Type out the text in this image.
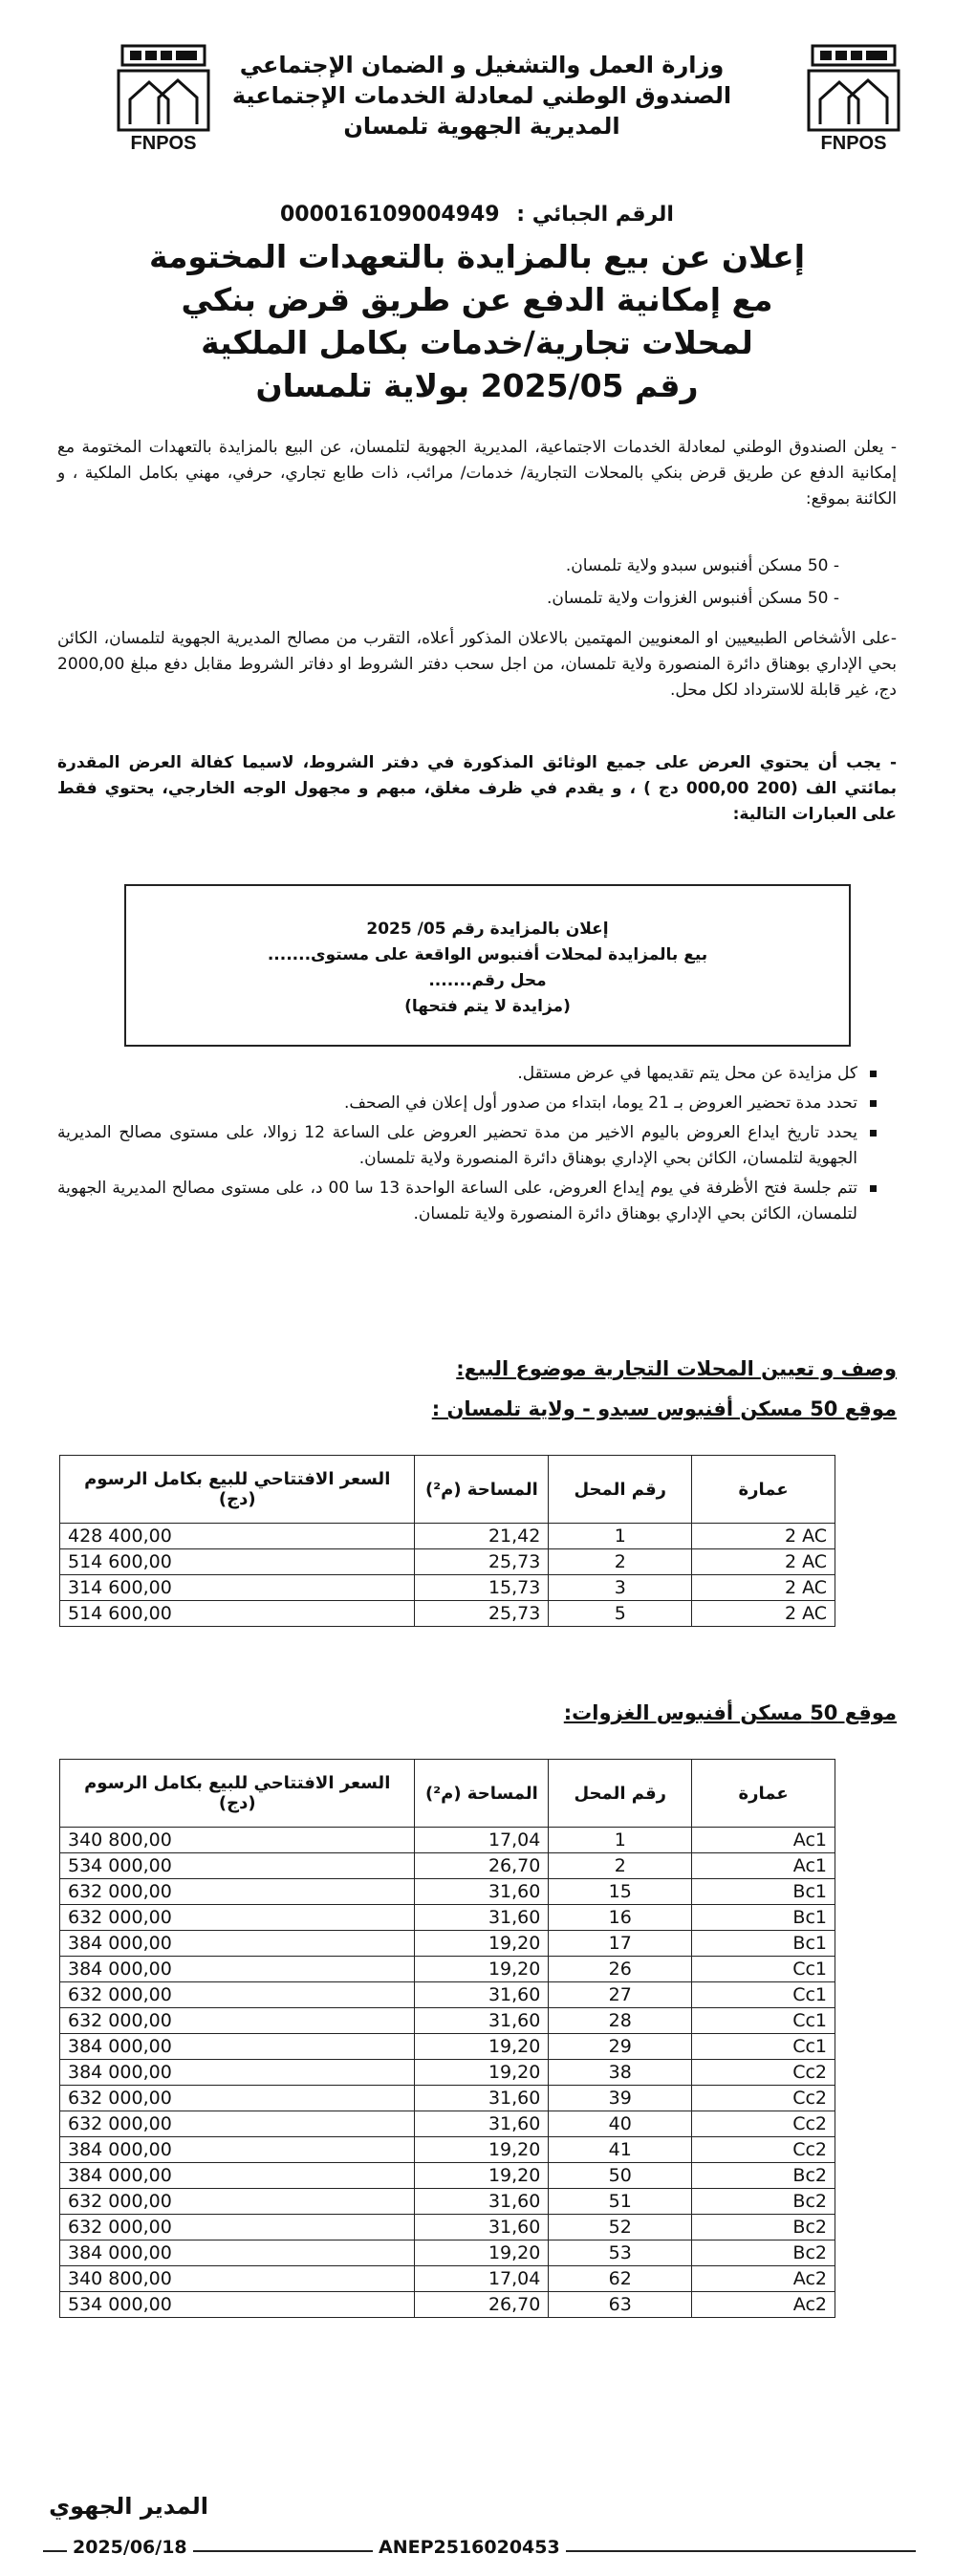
FNPOS
FNPOS
وزارة العمل والتشغيل و الضمان الإجتماعي
الصندوق الوطني لمعادلة الخدمات الإجتماعية
المديرية الجهوية تلمسان
الرقم الجبائي : 000016109004949
إعلان عن بيع بالمزايدة بالتعهدات المختومة
مع إمكانية الدفع عن طريق قرض بنكي
لمحلات تجارية/خدمات بكامل الملكية
رقم 2025/05 بولاية تلمسان
- يعلن الصندوق الوطني لمعادلة الخدمات الاجتماعية، المديرية الجهوية لتلمسان، عن البيع بالمزايدة بالتعهدات المختومة مع إمكانية الدفع عن طريق قرض بنكي بالمحلات التجارية/ خدمات/ مرائب، ذات طابع تجاري، حرفي، مهني بكامل الملكية ، و الكائنة بموقع:
- 50 مسكن أفنبوس سبدو ولاية تلمسان.
- 50 مسكن أفنبوس الغزوات ولاية تلمسان.
-على الأشخاص الطبيعيين او المعنويين المهتمين بالاعلان المذكور أعلاه، التقرب من مصالح المديرية الجهوية لتلمسان، الكائن بحي الإداري بوهناق دائرة المنصورة ولاية تلمسان، من اجل سحب دفتر الشروط او دفاتر الشروط مقابل دفع مبلغ 2000,00 دج، غير قابلة للاسترداد لكل محل.
- يجب أن يحتوي العرض على جميع الوثائق المذكورة في دفتر الشروط، لاسيما كفالة العرض المقدرة بمائتي الف (200 000,00 دج ) ، و يقدم في ظرف مغلق، مبهم و مجهول الوجه الخارجي، يحتوي فقط على العبارات التالية:
إعلان بالمزايدة رقم 05/ 2025
بيع بالمزايدة لمحلات أفنبوس الواقعة على مستوى.......
محل رقم.......
(مزايدة لا يتم فتحها)
كل مزايدة عن محل يتم تقديمها في عرض مستقل.
تحدد مدة تحضير العروض بـ 21 يوما، ابتداء من صدور أول إعلان في الصحف.
يحدد تاريخ ايداع العروض باليوم الاخير من مدة تحضير العروض على الساعة 12 زوالا، على مستوى مصالح المديرية الجهوية لتلمسان، الكائن بحي الإداري بوهناق دائرة المنصورة ولاية تلمسان.
تتم جلسة فتح الأظرفة في يوم إيداع العروض، على الساعة الواحدة 13 سا 00 د، على مستوى مصالح المديرية الجهوية لتلمسان، الكائن بحي الإداري بوهناق دائرة المنصورة ولاية تلمسان.
وصف و تعيين المحلات التجارية موضوع البيع:
موقع 50 مسكن أفنبوس سبدو - ولاية تلمسان :
عمارة	رقم المحل	المساحة (م²)	السعر الافتتاحي للبيع بكامل الرسوم (دج)
2 AC	1	21,42	428 400,00
2 AC	2	25,73	514 600,00
2 AC	3	15,73	314 600,00
2 AC	5	25,73	514 600,00
موقع 50 مسكن أفنبوس الغزوات:
عمارة	رقم المحل	المساحة (م²)	السعر الافتتاحي للبيع بكامل الرسوم (دج)
Ac1	1	17,04	340 800,00
Ac1	2	26,70	534 000,00
Bc1	15	31,60	632 000,00
Bc1	16	31,60	632 000,00
Bc1	17	19,20	384 000,00
Cc1	26	19,20	384 000,00
Cc1	27	31,60	632 000,00
Cc1	28	31,60	632 000,00
Cc1	29	19,20	384 000,00
Cc2	38	19,20	384 000,00
Cc2	39	31,60	632 000,00
Cc2	40	31,60	632 000,00
Cc2	41	19,20	384 000,00
Bc2	50	19,20	384 000,00
Bc2	51	31,60	632 000,00
Bc2	52	31,60	632 000,00
Bc2	53	19,20	384 000,00
Ac2	62	17,04	340 800,00
Ac2	63	26,70	534 000,00
المدير الجهوي
2025/06/18	ANEP2516020453
